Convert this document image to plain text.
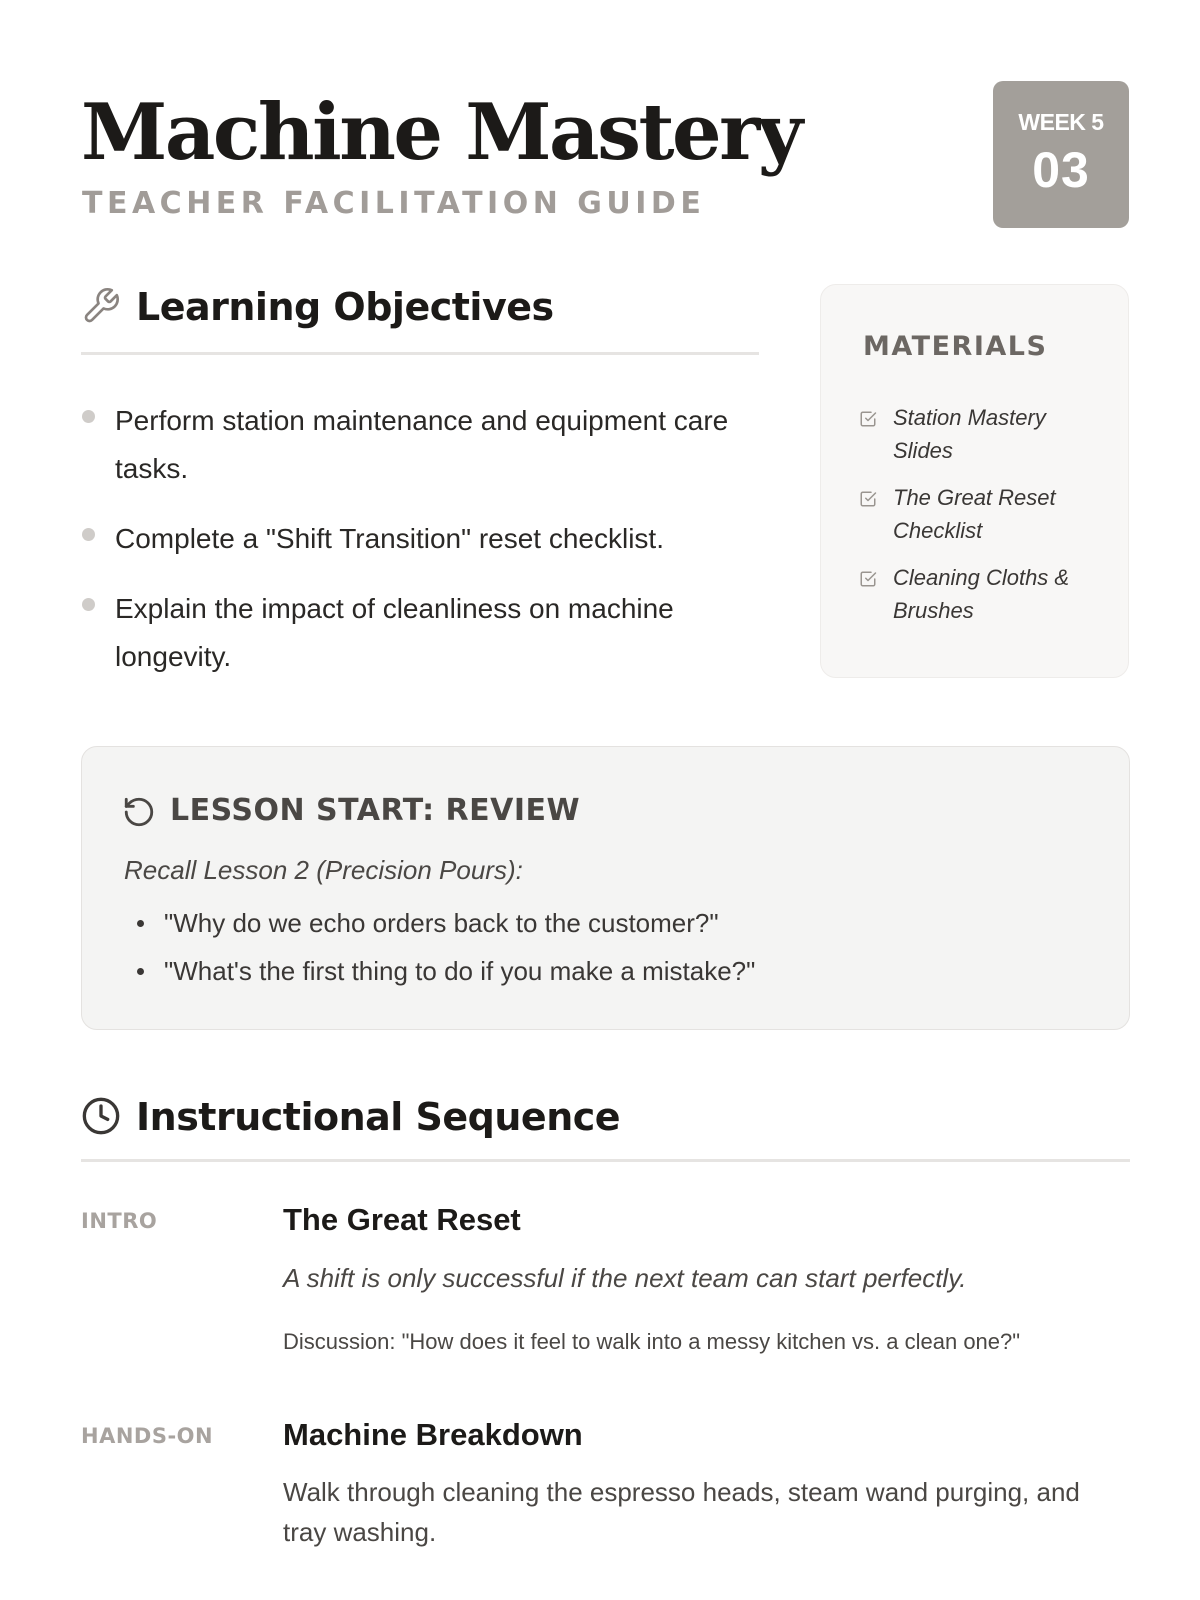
Machine Mastery
TEACHER FACILITATION GUIDE
WEEK 5
03
Learning Objectives
Perform station maintenance and equipment care tasks.
Complete a "Shift Transition" reset checklist.
Explain the impact of cleanliness on machine longevity.
MATERIALS
Station Mastery Slides
The Great Reset Checklist
Cleaning Cloths & Brushes
LESSON START: REVIEW
Recall Lesson 2 (Precision Pours):
"Why do we echo orders back to the customer?"
"What's the first thing to do if you make a mistake?"
Instructional Sequence
INTRO	The Great Reset
A shift is only successful if the next team can start perfectly.
Discussion: "How does it feel to walk into a messy kitchen vs. a clean one?"
HANDS-ON Machine Breakdown
Walk through cleaning the espresso heads, steam wand purging, and tray washing.
